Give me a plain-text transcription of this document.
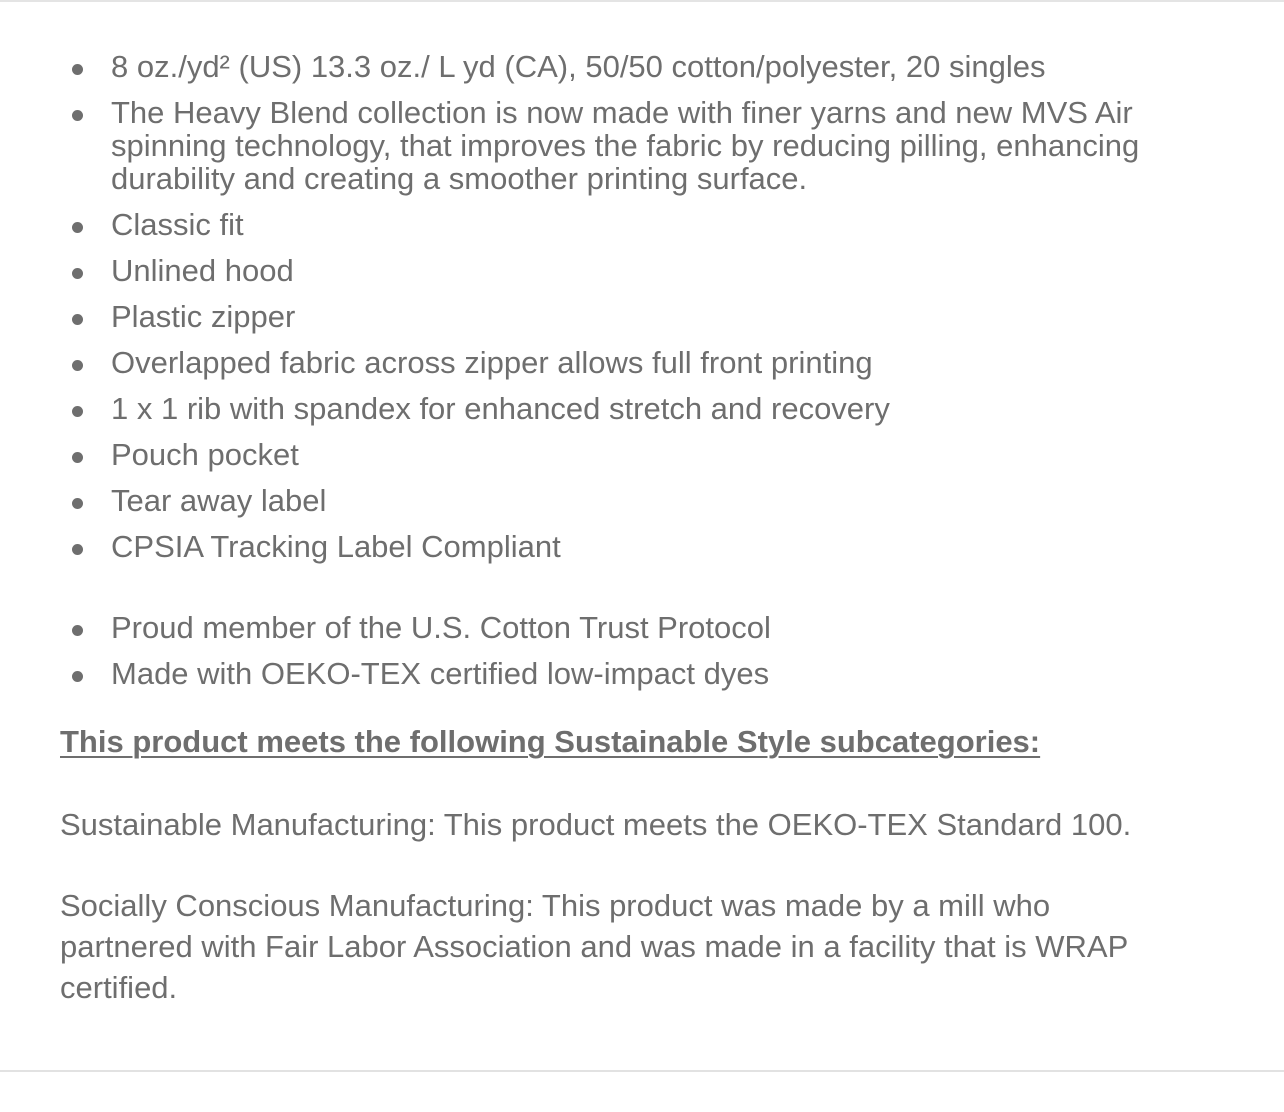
8 oz./yd² (US) 13.3 oz./ L yd (CA), 50/50 cotton/polyester, 20 singles
The Heavy Blend collection is now made with finer yarns and new MVS Air spinning technology, that improves the fabric by reducing pilling, enhancing durability and creating a smoother printing surface.
Classic fit
Unlined hood
Plastic zipper
Overlapped fabric across zipper allows full front printing
1 x 1 rib with spandex for enhanced stretch and recovery
Pouch pocket
Tear away label
CPSIA Tracking Label Compliant
Proud member of the U.S. Cotton Trust Protocol
Made with OEKO-TEX certified low-impact dyes
This product meets the following Sustainable Style subcategories:
Sustainable Manufacturing: This product meets the OEKO-TEX Standard 100.
Socially Conscious Manufacturing: This product was made by a mill who partnered with Fair Labor Association and was made in a facility that is WRAP certified.
